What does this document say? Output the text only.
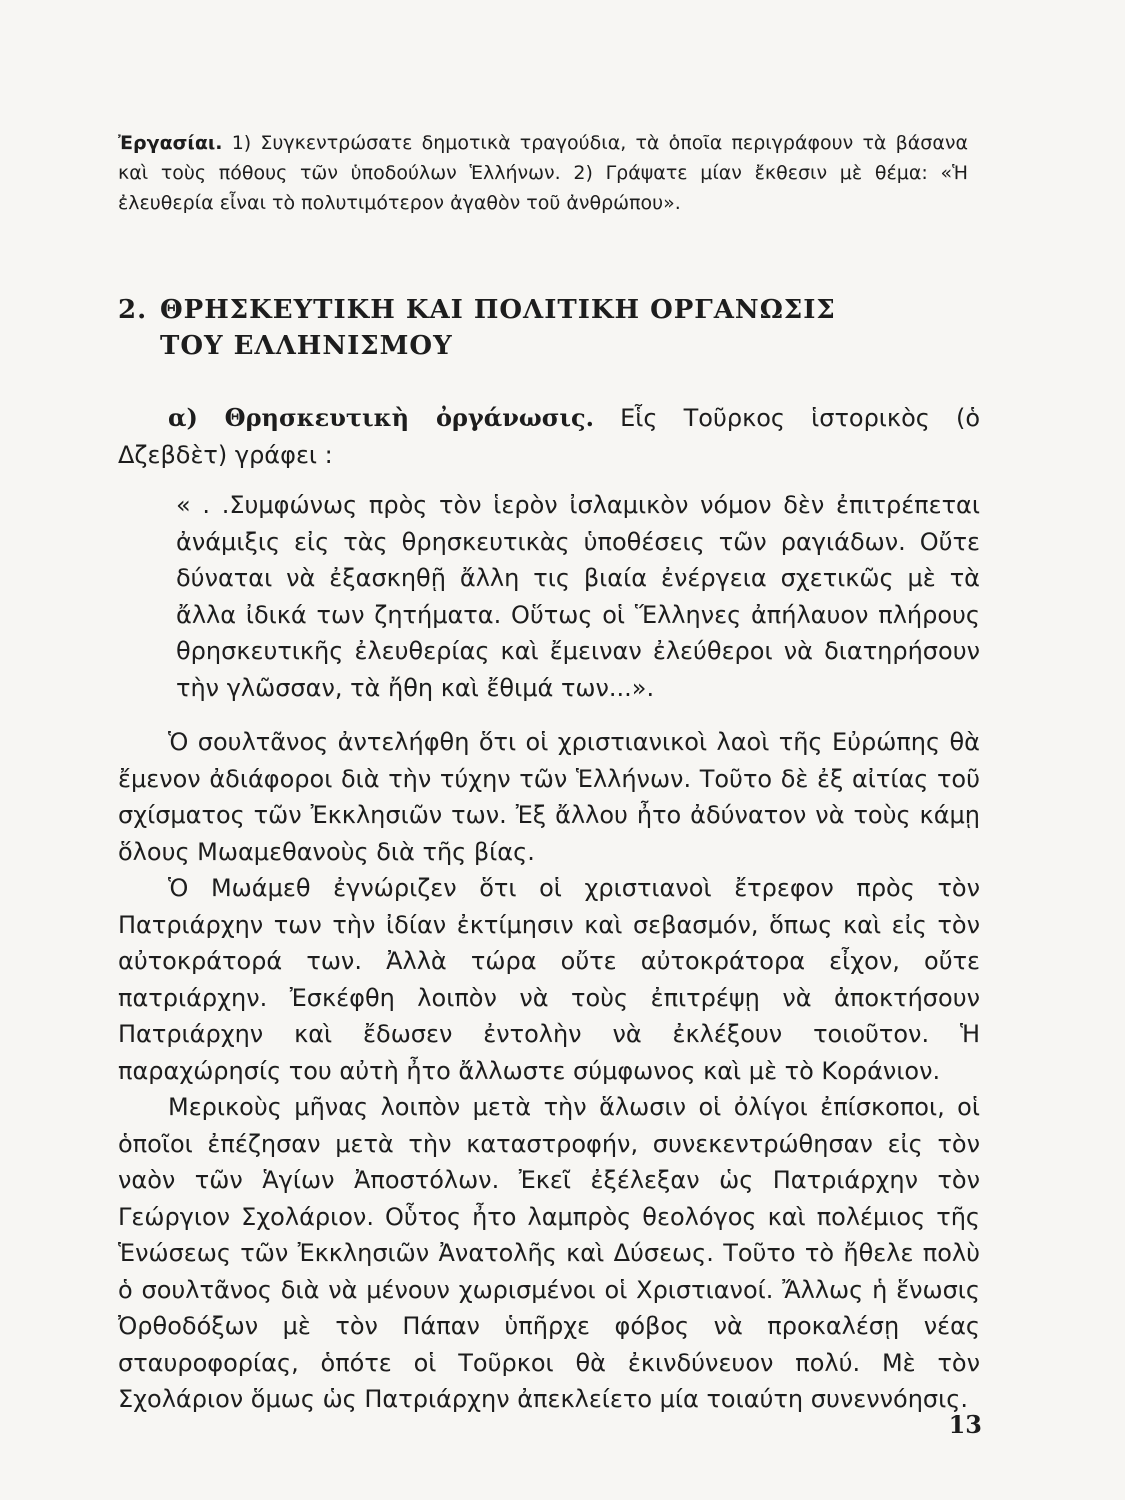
Ἐργασίαι. 1) Συγκεντρώσατε δημοτικὰ τραγούδια, τὰ ὁποῖα περιγράφουν τὰ βάσανα καὶ τοὺς πόθους τῶν ὑποδούλων Ἑλλήνων. 2) Γράψατε μίαν ἔκθεσιν μὲ θέμα: «Ἡ ἐλευθερία εἶναι τὸ πολυτιμότερον ἀγαθὸν τοῦ ἀνθρώπου».
2. ΘΡΗΣΚΕΥΤΙΚΗ ΚΑΙ ΠΟΛΙΤΙΚΗ ΟΡΓΑΝΩΣΙΣ
ΤΟΥ ΕΛΛΗΝΙΣΜΟΥ

α) Θρησκευτικὴ ὀργάνωσις. Εἷς Τοῦρκος ἱστορικὸς (ὁ Δζεβδὲτ) γράφει :

« . .Συμφώνως πρὸς τὸν ἱερὸν ἰσλαμικὸν νόμον δὲν ἐπιτρέπεται ἀνάμιξις εἰς τὰς θρησκευτικὰς ὑποθέσεις τῶν ραγιάδων. Οὔτε δύναται νὰ ἐξασκηθῇ ἄλλη τις βιαία ἐνέργεια σχετικῶς μὲ τὰ ἄλλα ἰδικά των ζητήματα. Οὕτως οἱ Ἕλληνες ἀπήλαυον πλήρους θρησκευτικῆς ἐλευθερίας καὶ ἔμειναν ἐλεύθεροι νὰ διατηρήσουν τὴν γλῶσσαν, τὰ ἤθη καὶ ἔθιμά των...».

Ὁ σουλτᾶνος ἀντελήφθη ὅτι οἱ χριστιανικοὶ λαοὶ τῆς Εὐρώπης θὰ ἔμενον ἀδιάφοροι διὰ τὴν τύχην τῶν Ἑλλήνων. Τοῦτο δὲ ἐξ αἰτίας τοῦ σχίσματος τῶν Ἐκκλησιῶν των. Ἐξ ἄλλου ἦτο ἀδύνατον νὰ τοὺς κάμῃ ὅλους Μωαμεθανοὺς διὰ τῆς βίας.

Ὁ Μωάμεθ ἐγνώριζεν ὅτι οἱ χριστιανοὶ ἔτρεφον πρὸς τὸν Πατριάρχην των τὴν ἰδίαν ἐκτίμησιν καὶ σεβασμόν, ὅπως καὶ εἰς τὸν αὐτοκράτορά των. Ἀλλὰ τώρα οὔτε αὐτοκράτορα εἶχον, οὔτε πατριάρχην. Ἐσκέφθη λοιπὸν νὰ τοὺς ἐπιτρέψῃ νὰ ἀποκτήσουν Πατριάρχην καὶ ἔδωσεν ἐντολὴν νὰ ἐκλέξουν τοιοῦτον. Ἡ παραχώρησίς του αὐτὴ ἦτο ἄλλωστε σύμφωνος καὶ μὲ τὸ Κοράνιον.

Μερικοὺς μῆνας λοιπὸν μετὰ τὴν ἅλωσιν οἱ ὀλίγοι ἐπίσκοποι, οἱ ὁποῖοι ἐπέζησαν μετὰ τὴν καταστροφήν, συνεκεντρώθησαν εἰς τὸν ναὸν τῶν Ἁγίων Ἀποστόλων. Ἐκεῖ ἐξέλεξαν ὡς Πατριάρχην τὸν Γεώργιον Σχολάριον. Οὗτος ἦτο λαμπρὸς θεολόγος καὶ πολέμιος τῆς Ἑνώσεως τῶν Ἐκκλησιῶν Ἀνατολῆς καὶ Δύσεως. Τοῦτο τὸ ἤθελε πολὺ ὁ σουλτᾶνος διὰ νὰ μένουν χωρισμένοι οἱ Χριστιανοί. Ἄλλως ἡ ἕνωσις Ὀρθοδόξων μὲ τὸν Πάπαν ὑπῆρχε φόβος νὰ προκαλέσῃ νέας σταυροφορίας, ὁπότε οἱ Τοῦρκοι θὰ ἐκινδύνευον πολύ. Μὲ τὸν Σχολάριον ὅμως ὡς Πατριάρχην ἀπεκλείετο μία τοιαύτη συνεννόησις.

13
